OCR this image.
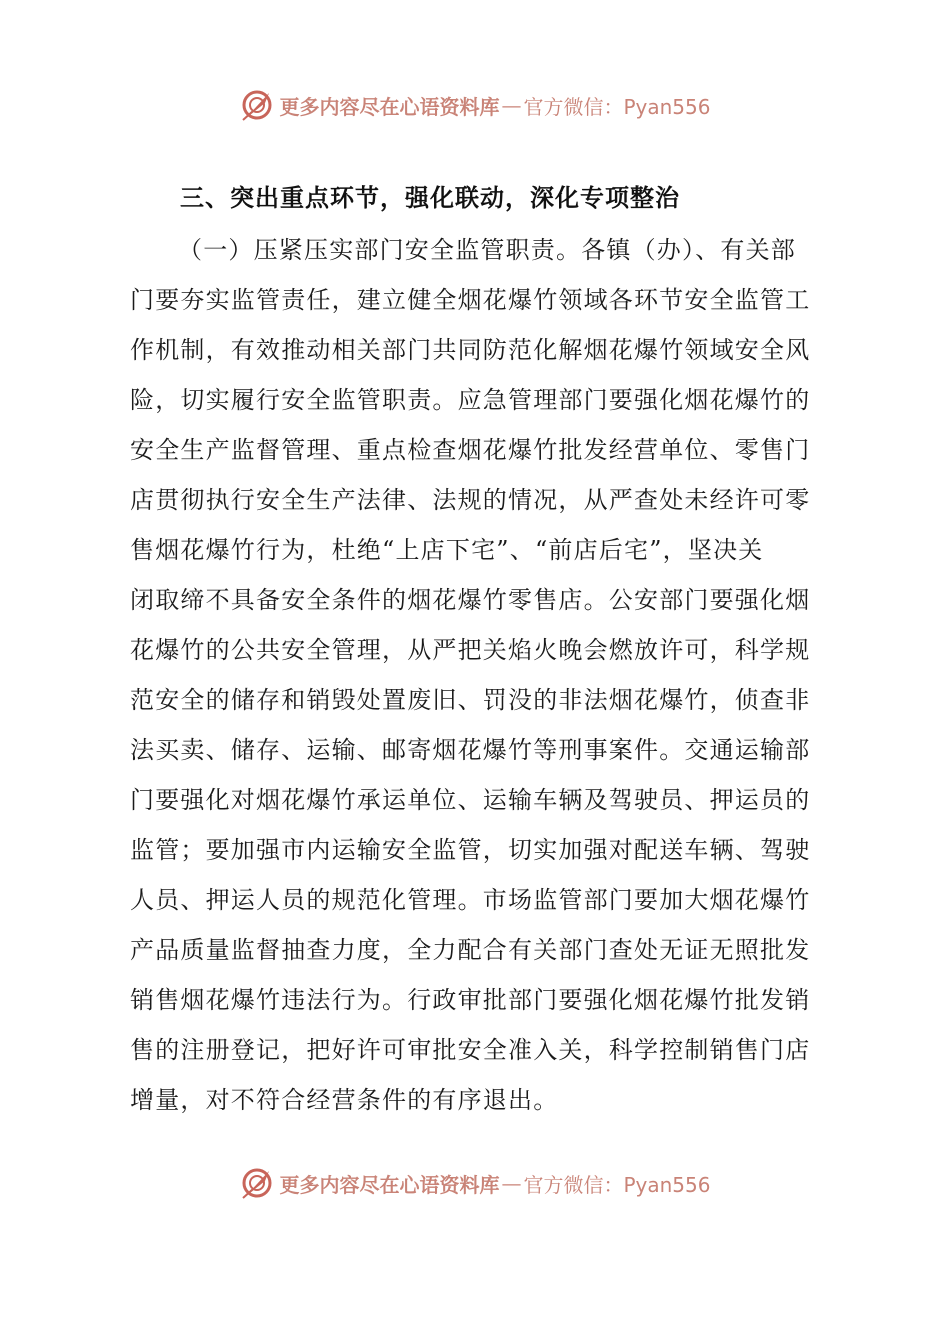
更多内容尽在心语资料库 — 官方微信：Pyan556
三、突出重点环节，强化联动，深化专项整治
（一）压紧压实部门安全监管职责。各镇（办）、有关部
门要夯实监管责任，建立健全烟花爆竹领域各环节安全监管工
作机制，有效推动相关部门共同防范化解烟花爆竹领域安全风
险，切实履行安全监管职责。应急管理部门要强化烟花爆竹的
安全生产监督管理、重点检查烟花爆竹批发经营单位、零售门
店贯彻执行安全生产法律、法规的情况，从严查处未经许可零
售烟花爆竹行为，杜绝“上店下宅”、“前店后宅”，坚决关
闭取缔不具备安全条件的烟花爆竹零售店。公安部门要强化烟
花爆竹的公共安全管理，从严把关焰火晚会燃放许可，科学规
范安全的储存和销毁处置废旧、罚没的非法烟花爆竹，侦查非
法买卖、储存、运输、邮寄烟花爆竹等刑事案件。交通运输部
门要强化对烟花爆竹承运单位、运输车辆及驾驶员、押运员的
监管；要加强市内运输安全监管，切实加强对配送车辆、驾驶
人员、押运人员的规范化管理。市场监管部门要加大烟花爆竹
产品质量监督抽查力度，全力配合有关部门查处无证无照批发
销售烟花爆竹违法行为。行政审批部门要强化烟花爆竹批发销
售的注册登记，把好许可审批安全准入关，科学控制销售门店
增量，对不符合经营条件的有序退出。
更多内容尽在心语资料库 — 官方微信：Pyan556
